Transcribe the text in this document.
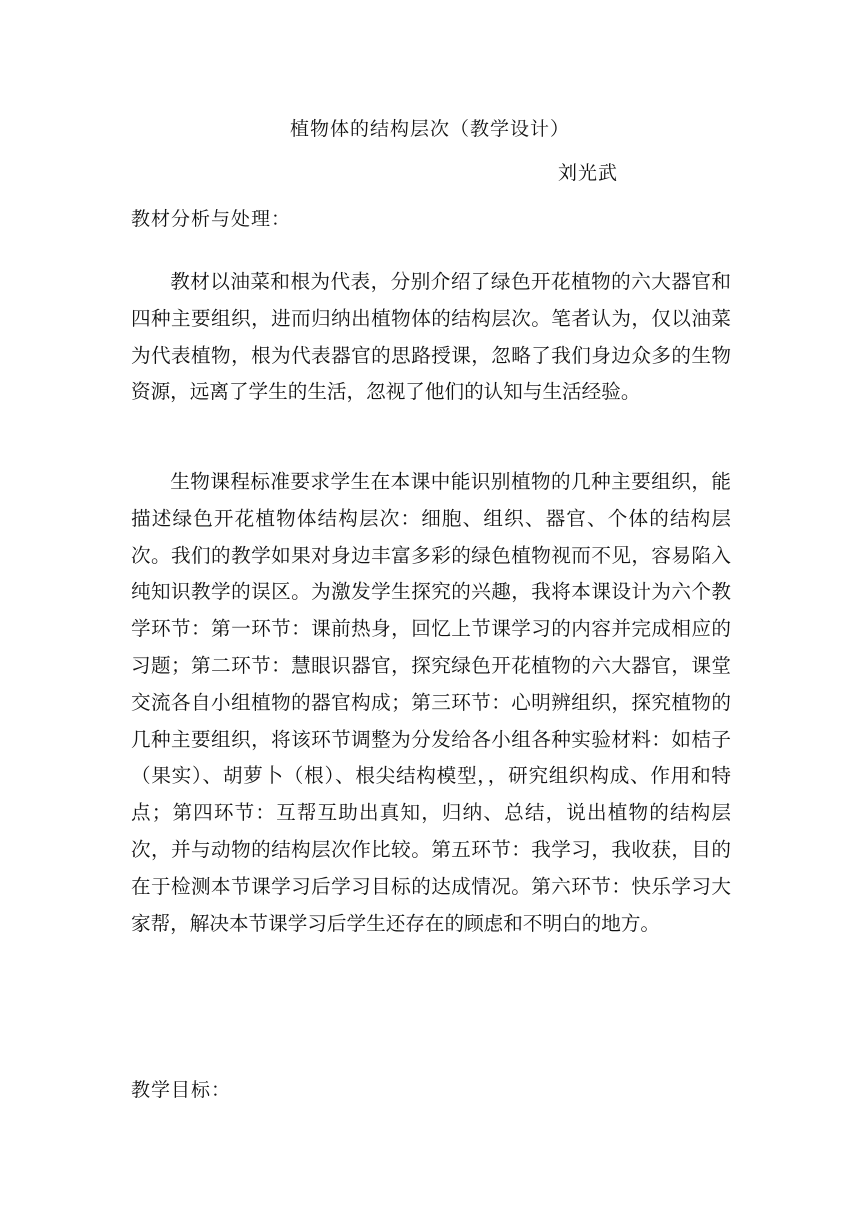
植物体的结构层次（教学设计）
刘光武
教材分析与处理：

教材以油菜和根为代表，分别介绍了绿色开花植物的六大器官和四种主要组织，进而归纳出植物体的结构层次。笔者认为，仅以油菜为代表植物，根为代表器官的思路授课，忽略了我们身边众多的生物资源，远离了学生的生活，忽视了他们的认知与生活经验。

生物课程标准要求学生在本课中能识别植物的几种主要组织，能描述绿色开花植物体结构层次：细胞、组织、器官、个体的结构层次。我们的教学如果对身边丰富多彩的绿色植物视而不见，容易陷入纯知识教学的误区。为激发学生探究的兴趣，我将本课设计为六个教学环节：第一环节：课前热身，回忆上节课学习的内容并完成相应的习题；第二环节：慧眼识器官，探究绿色开花植物的六大器官，课堂交流各自小组植物的器官构成；第三环节：心明辨组织，探究植物的几种主要组织，将该环节调整为分发给各小组各种实验材料：如桔子（果实）、胡萝卜（根）、根尖结构模型，，研究组织构成、作用和特点；第四环节：互帮互助出真知，归纳、总结，说出植物的结构层次，并与动物的结构层次作比较。第五环节：我学习，我收获，目的在于检测本节课学习后学习目标的达成情况。第六环节：快乐学习大家帮，解决本节课学习后学生还存在的顾虑和不明白的地方。

教学目标：
